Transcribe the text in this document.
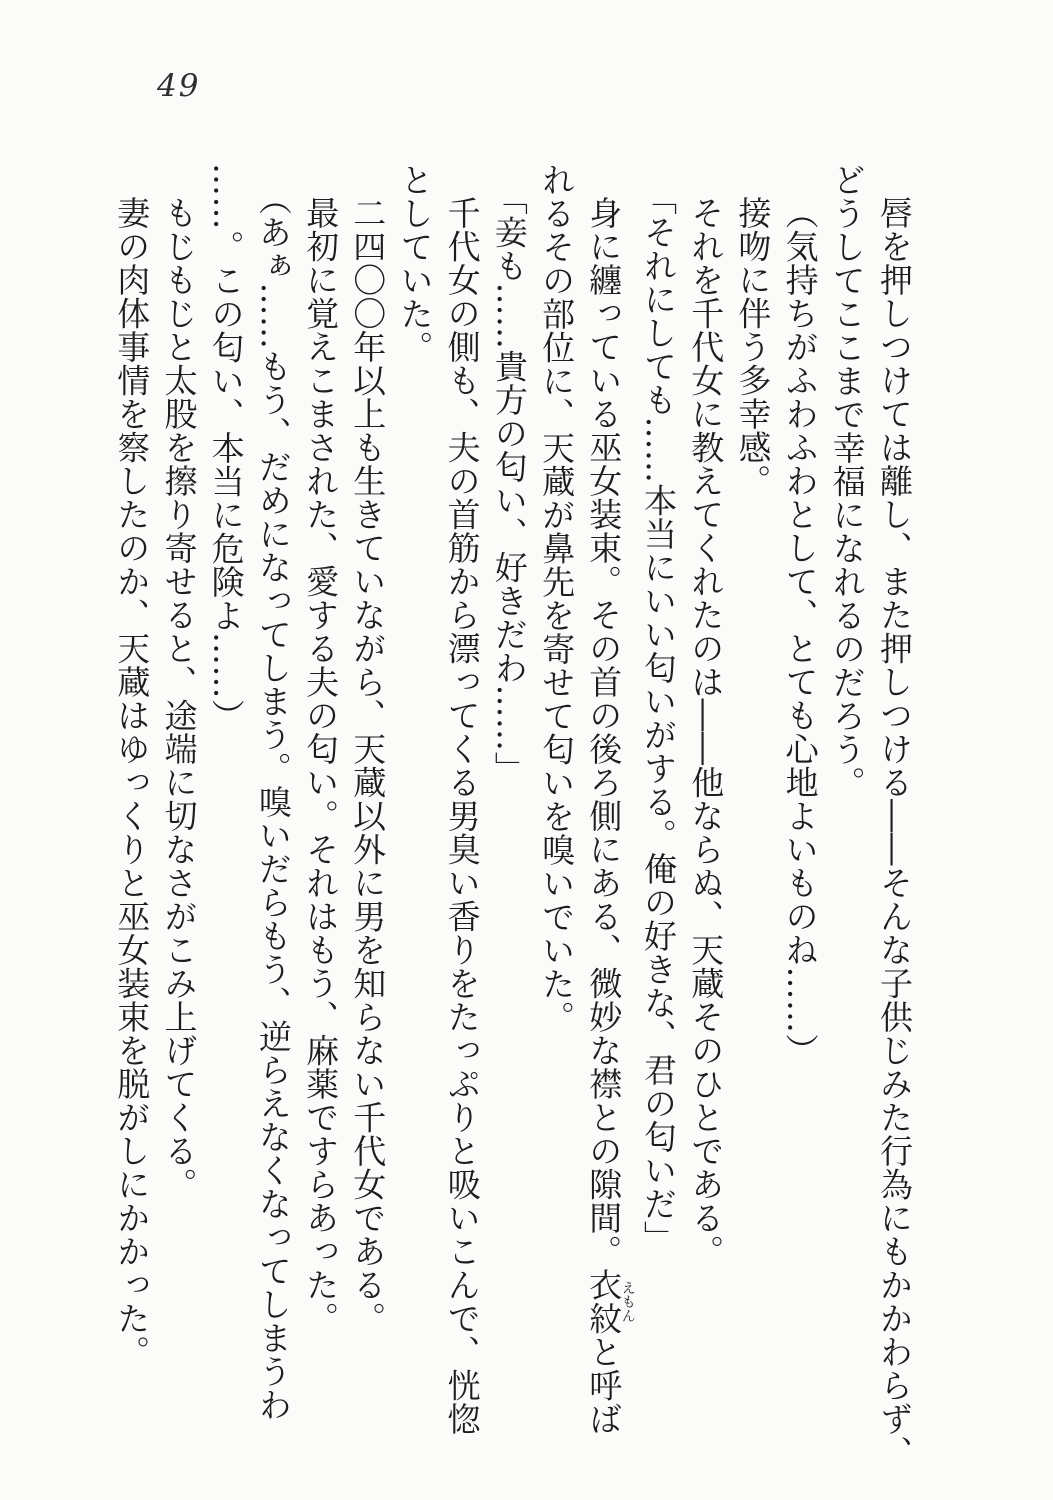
49

唇を押しつけては離し、また押しつける――そんな子供じみた行為にもかかわらず、

どうしてここまで幸福になれるのだろう。

（気持ちがふわふわとして、とても心地よいものね……）

接吻に伴う多幸感。

それを千代女に教えてくれたのは――他ならぬ、天蔵そのひとである。

「それにしても……本当にいい匂いがする。俺の好きな、君の匂いだ」

身に纏っている巫女装束。その首の後ろ側にある、微妙な襟との隙間。衣紋えもんと呼ば

れるその部位に、天蔵が鼻先を寄せて匂いを嗅いでいた。

「妾も……貴方の匂い、好きだわ……」

千代女の側も、夫の首筋から漂ってくる男臭い香りをたっぷりと吸いこんで、恍惚

としていた。

二四〇〇年以上も生きていながら、天蔵以外に男を知らない千代女である。

最初に覚えこまされた、愛する夫の匂い。それはもう、麻薬ですらあった。

（あぁ……もう、だめになってしまう。嗅いだらもう、逆らえなくなってしまうわ

……。この匂い、本当に危険よ……）

もじもじと太股を擦り寄せると、途端に切なさがこみ上げてくる。

妻の肉体事情を察したのか、天蔵はゆっくりと巫女装束を脱がしにかかった。
